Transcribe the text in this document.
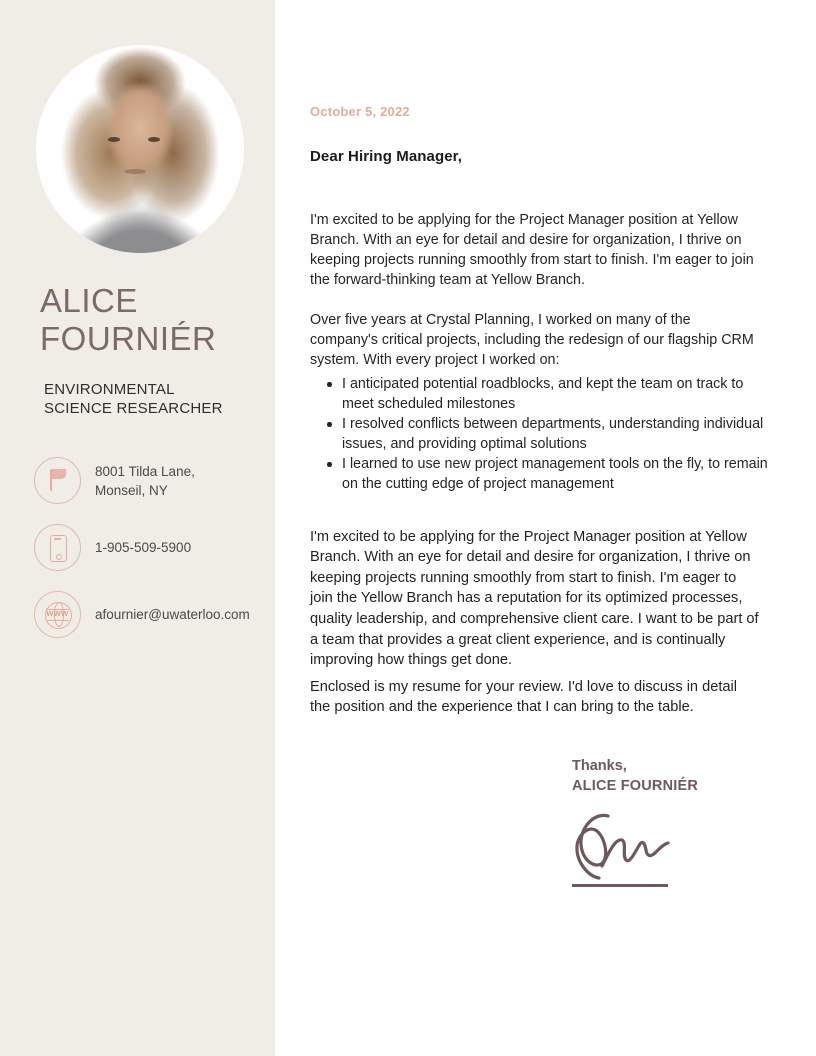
ALICE
FOURNIÉR
ENVIRONMENTAL
SCIENCE RESEARCHER
8001 Tilda Lane,
Monseil, NY
1-905-509-5900
WWW afournier@uwaterloo.com
October 5, 2022
Dear Hiring Manager,

I'm excited to be applying for the Project Manager position at Yellow Branch. With an eye for detail and desire for organization, I thrive on keeping projects running smoothly from start to finish. I'm eager to join the forward-thinking team at Yellow Branch.

Over five years at Crystal Planning, I worked on many of the company's critical projects, including the redesign of our flagship CRM system. With every project I worked on:

I anticipated potential roadblocks, and kept the team on track to meet scheduled milestones
I resolved conflicts between departments, understanding individual issues, and providing optimal solutions
I learned to use new project management tools on the fly, to remain on the cutting edge of project management

I'm excited to be applying for the Project Manager position at Yellow Branch. With an eye for detail and desire for organization, I thrive on keeping projects running smoothly from start to finish. I'm eager to join the Yellow Branch has a reputation for its optimized processes, quality leadership, and comprehensive client care. I want to be part of a team that provides a great client experience, and is continually improving how things get done.

Enclosed is my resume for your review. I'd love to discuss in detail the position and the experience that I can bring to the table.

Thanks,
ALICE FOURNIÉR
